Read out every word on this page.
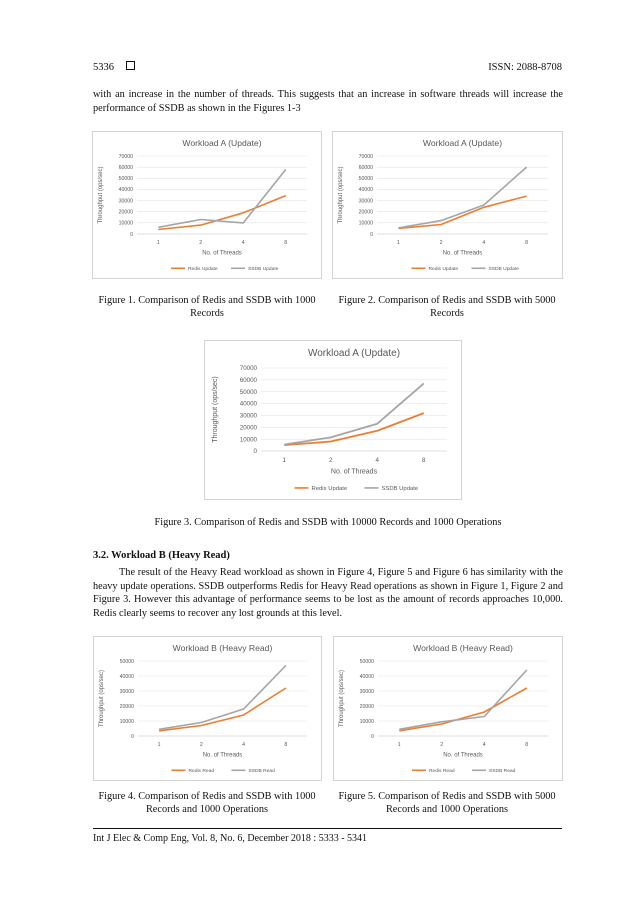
5336	ISSN: 2088-8708
with an increase in the number of threads. This suggests that an increase in software threads will increase the performance of SSDB as shown in the Figures 1-3
Workload A (Update)
0
10000
20000
30000
40000
50000
60000
70000
1	2	4	8
No. of Threads
Throughput (ops/sec)
Redis Update	SSDB Update
Workload A (Update)
0
10000
20000
30000
40000
50000
60000
70000
1	2	4	8
No. of Threads
Throughput (ops/sec)
Redis Update	SSDB Update
Figure 1. Comparison of Redis and SSDB with 1000 Records
Figure 2. Comparison of Redis and SSDB with 5000 Records
Workload A (Update)
0
10000
20000
30000
40000
50000
60000
70000
1	2	4	8
No. of Threads
Throughput (ops/sec)
Redis Update	SSDB Update
Figure 3. Comparison of Redis and SSDB with 10000 Records and 1000 Operations
3.2. Workload B (Heavy Read)
The result of the Heavy Read workload as shown in Figure 4, Figure 5 and Figure 6 has similarity with the heavy update operations. SSDB outperforms Redis for Heavy Read operations as shown in Figure 1, Figure 2 and Figure 3. However this advantage of performance seems to be lost as the amount of records approaches 10,000. Redis clearly seems to recover any lost grounds at this level.
Workload B (Heavy Read)
0
10000
20000
30000
40000
50000
1	2	4	8
No. of Threads
Throughput (ops/sec)
Redis Read	SSDB Read
Workload B (Heavy Read)
0
10000
20000
30000
40000
50000
1	2	4	8
No. of Threads
Throughput (ops/sec)
Redis Read	SSDB Read
Figure 4. Comparison of Redis and SSDB with 1000 Records and 1000 Operations
Figure 5. Comparison of Redis and SSDB with 5000 Records and 1000 Operations
Int J Elec & Comp Eng, Vol. 8, No. 6, December 2018 : 5333 - 5341
